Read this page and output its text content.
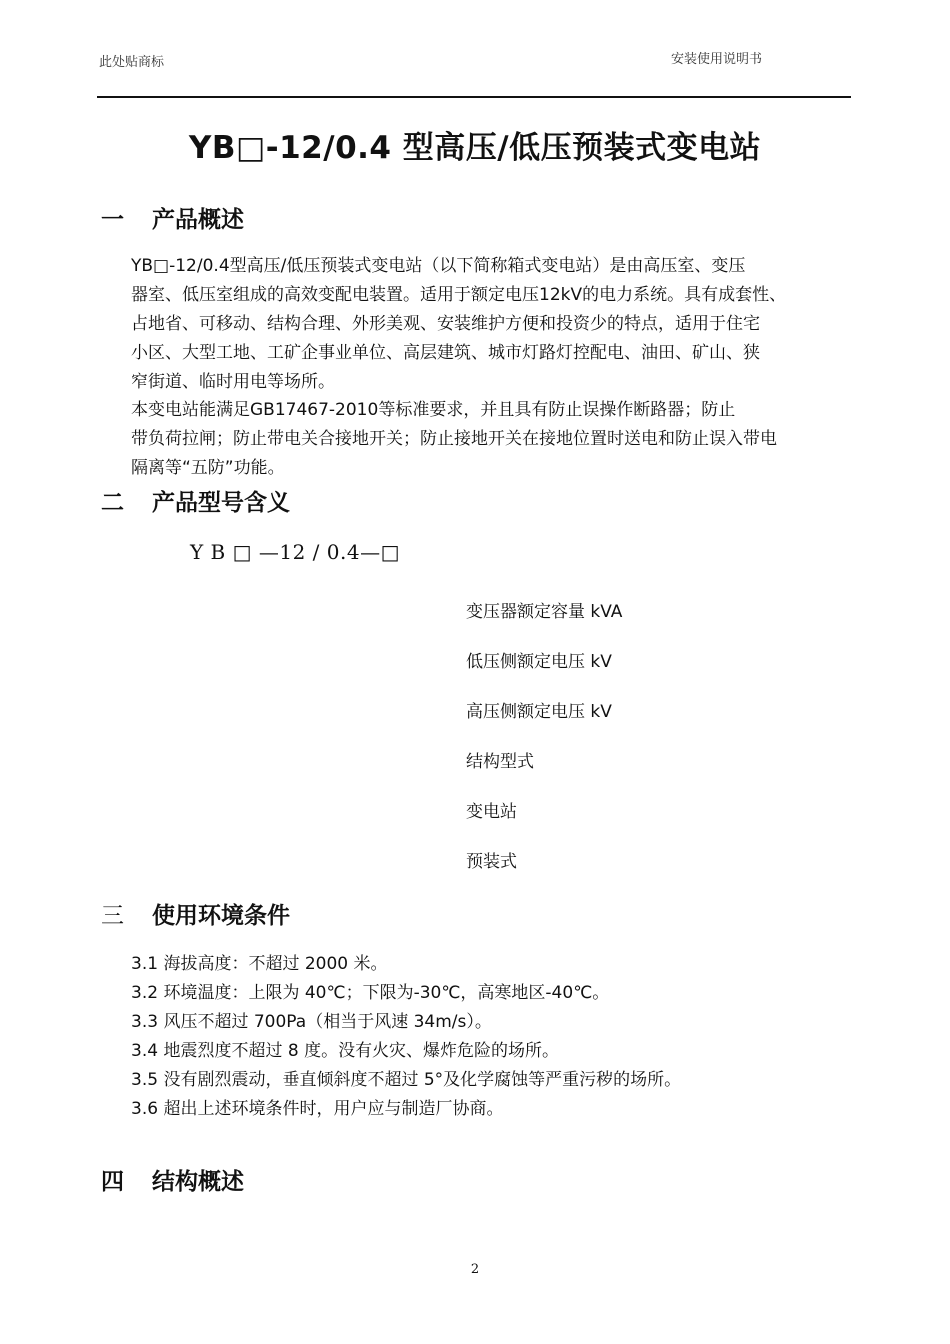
此处贴商标	安装使用说明书
YB□-12/0.4 型高压/低压预装式变电站
一 产品概述
YB□-12/0.4型高压/低压预装式变电站（以下简称箱式变电站）是由高压室、变压
器室、低压室组成的高效变配电装置。适用于额定电压12kV的电力系统。具有成套性、
占地省、可移动、结构合理、外形美观、安装维护方便和投资少的特点，适用于住宅
小区、大型工地、工矿企事业单位、高层建筑、城市灯路灯控配电、油田、矿山、狭
窄街道、临时用电等场所。
本变电站能满足GB17467-2010等标准要求，并且具有防止误操作断路器；防止
带负荷拉闸；防止带电关合接地开关；防止接地开关在接地位置时送电和防止误入带电
隔离等“五防”功能。
二 产品型号含义
Y B □ —12 / 0.4—□
变压器额定容量 kVA
低压侧额定电压 kV
高压侧额定电压 kV
结构型式
变电站
预装式
三 使用环境条件
3.1 海拔高度：不超过 2000 米。
3.2 环境温度：上限为 40℃；下限为-30℃，高寒地区-40℃。
3.3 风压不超过 700Pa（相当于风速 34m/s）。
3.4 地震烈度不超过 8 度。没有火灾、爆炸危险的场所。
3.5 没有剧烈震动，垂直倾斜度不超过 5°及化学腐蚀等严重污秽的场所。
3.6 超出上述环境条件时，用户应与制造厂协商。
四 结构概述
2
